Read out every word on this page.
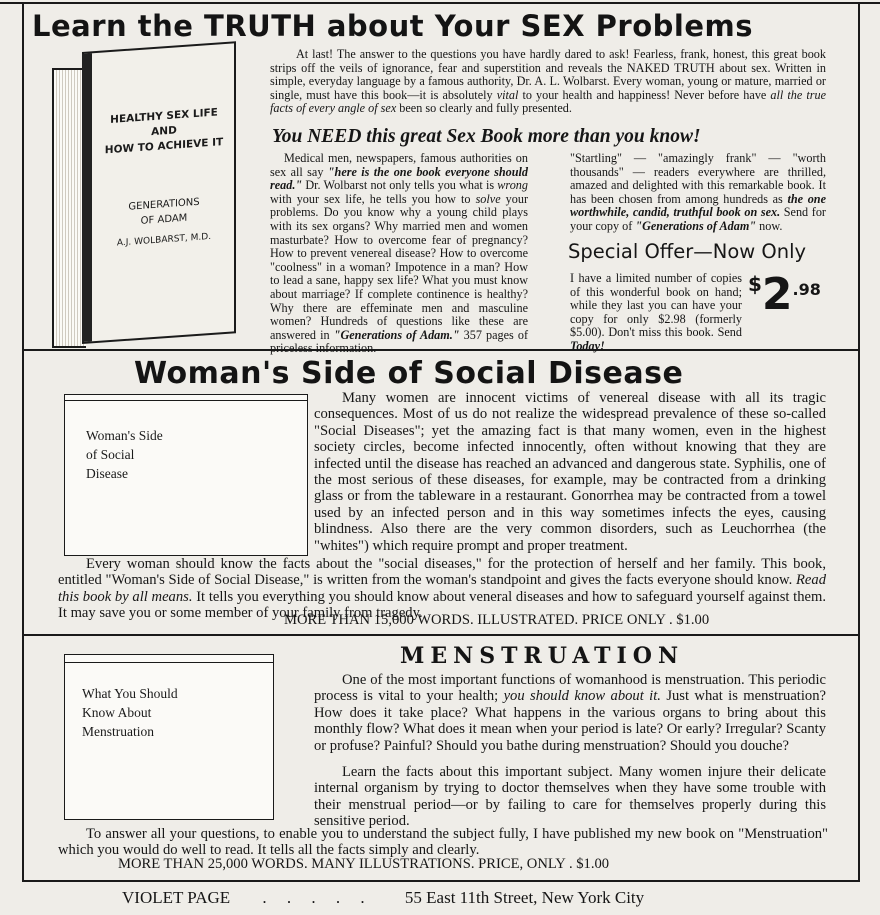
Learn the TRUTH about Your SEX Problems
HEALTHY SEX LIFE
AND
HOW TO ACHIEVE IT
GENERATIONS
OF ADAM
A.J. WOLBARST, M.D.
At last! The answer to the questions you have hardly dared to ask! Fearless, frank, honest, this great book strips off the veils of ignorance, fear and superstition and reveals the NAKED TRUTH about sex. Written in simple, everyday language by a famous authority, Dr. A. L. Wolbarst. Every woman, young or mature, married or single, must have this book—it is absolutely vital to your health and happiness! Never before have all the true facts of every angle of sex been so clearly and fully presented.
You NEED this great Sex Book more than you know!
Medical men, newspapers, famous authorities on sex all say "here is the one book everyone should read." Dr. Wolbarst not only tells you what is wrong with your sex life, he tells you how to solve your problems. Do you know why a young child plays with its sex organs? Why married men and women masturbate? How to overcome fear of pregnancy? How to prevent venereal disease? How to overcome "coolness" in a woman? Impotence in a man? How to lead a sane, happy sex life? What you must know about marriage? If complete continence is healthy? Why there are effeminate men and masculine women? Hundreds of questions like these are answered in "Generations of Adam." 357 pages of priceless information.
"Startling" — "amazingly frank" — "worth thousands" — readers everywhere are thrilled, amazed and delighted with this remarkable book. It has been chosen from among hundreds as the one worthwhile, candid, truthful book on sex. Send for your copy of "Generations of Adam" now.
Special Offer—Now Only
I have a limited number of copies of this wonderful book on hand; while they last you can have your copy for only $2.98 (formerly $5.00). Don't miss this book. Send Today!
$2.98
Woman's Side of Social Disease
Woman's Side
of Social
Disease
Many women are innocent victims of venereal disease with all its tragic consequences. Most of us do not realize the widespread prevalence of these so-called "Social Diseases"; yet the amazing fact is that many women, even in the highest society circles, become infected innocently, often without knowing that they are infected until the disease has reached an advanced and dangerous state. Syphilis, one of the most serious of these diseases, for example, may be contracted from a drinking glass or from the tableware in a restaurant. Gonorrhea may be contracted from a towel used by an infected person and in this way sometimes infects the eyes, causing blindness. Also there are the very common disorders, such as Leuchorrhea (the "whites") which require prompt and proper treatment.
Every woman should know the facts about the "social diseases," for the protection of herself and her family. This book, entitled "Woman's Side of Social Disease," is written from the woman's standpoint and gives the facts everyone should know. Read this book by all means. It tells you everything you should know about veneral diseases and how to safeguard yourself against them. It may save you or some member of your family from tragedy.
MORE THAN 15,000 WORDS. ILLUSTRATED. PRICE ONLY . $1.00
MENSTRUATION
What You Should
Know About
Menstruation
One of the most important functions of womanhood is menstruation. This periodic process is vital to your health; you should know about it. Just what is menstruation? How does it take place? What happens in the various organs to bring about this monthly flow? What does it mean when your period is late? Or early? Irregular? Scanty or profuse? Painful? Should you bathe during menstruation? Should you douche?
Learn the facts about this important subject. Many women injure their delicate internal organism by trying to doctor themselves when they have some trouble with their menstrual period—or by failing to care for themselves properly during this sensitive period.
To answer all your questions, to enable you to understand the subject fully, I have published my new book on "Menstruation" which you would do well to read. It tells all the facts simply and clearly.
MORE THAN 25,000 WORDS. MANY ILLUSTRATIONS. PRICE, ONLY . $1.00
VIOLET PAGE . . . . . 55 East 11th Street, New York City
